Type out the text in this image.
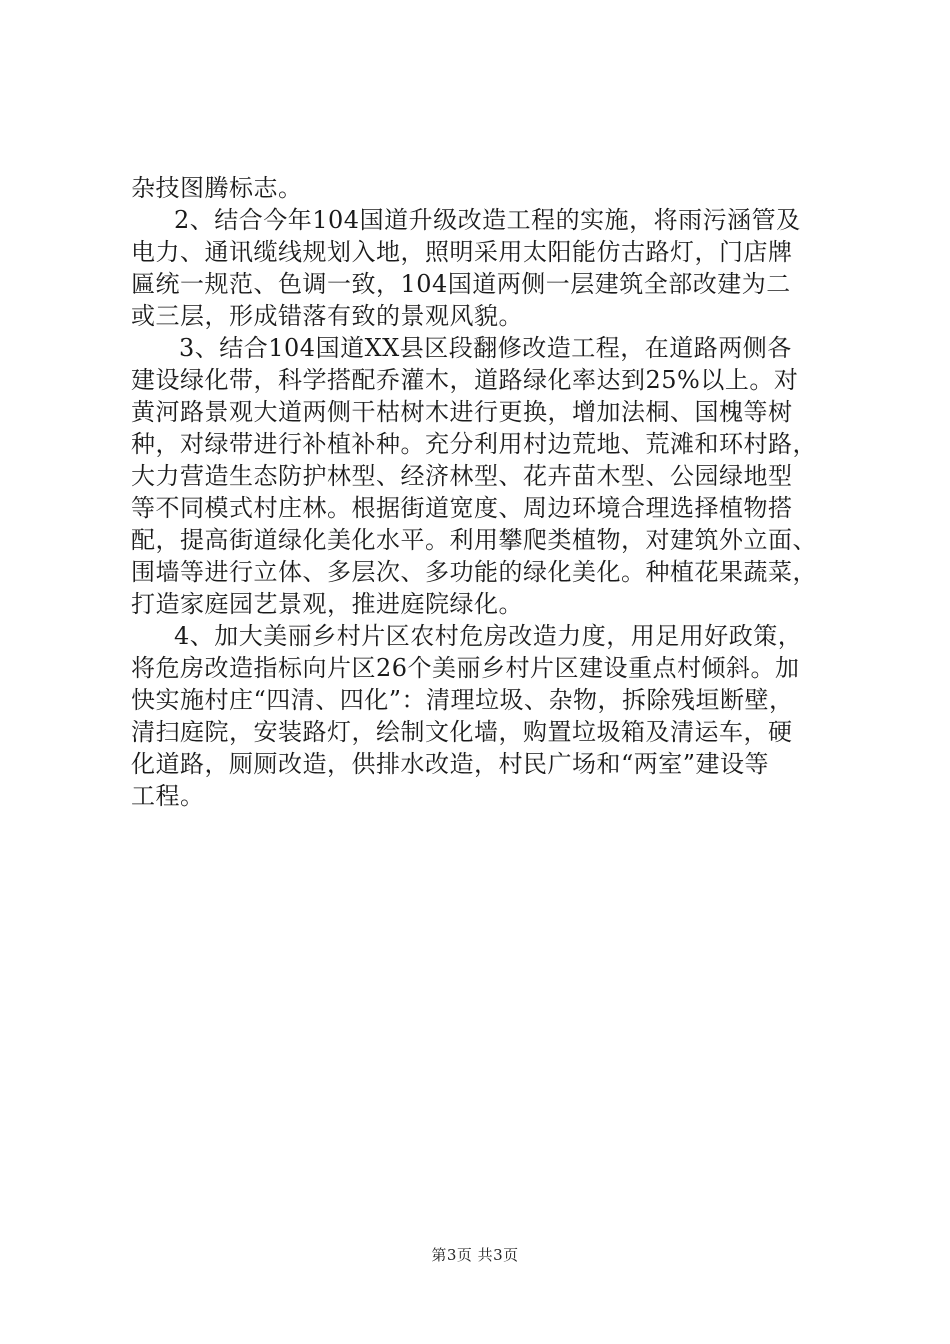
杂技图腾标志。
2、结合今年104国道升级改造工程的实施，将雨污涵管及
电力、通讯缆线规划入地，照明采用太阳能仿古路灯，门店牌
匾统一规范、色调一致，104国道两侧一层建筑全部改建为二
或三层，形成错落有致的景观风貌。
3、结合104国道XX县区段翻修改造工程，在道路两侧各
建设绿化带，科学搭配乔灌木，道路绿化率达到25%以上。对
黄河路景观大道两侧干枯树木进行更换，增加法桐、国槐等树
种，对绿带进行补植补种。充分利用村边荒地、荒滩和环村路，
大力营造生态防护林型、经济林型、花卉苗木型、公园绿地型
等不同模式村庄林。根据街道宽度、周边环境合理选择植物搭
配，提高街道绿化美化水平。利用攀爬类植物，对建筑外立面、
围墙等进行立体、多层次、多功能的绿化美化。种植花果蔬菜，
打造家庭园艺景观，推进庭院绿化。
4、加大美丽乡村片区农村危房改造力度，用足用好政策，
将危房改造指标向片区26个美丽乡村片区建设重点村倾斜。加
快实施村庄“四清、四化”：清理垃圾、杂物，拆除残垣断壁，
清扫庭院，安装路灯，绘制文化墙，购置垃圾箱及清运车，硬
化道路，厕厕改造，供排水改造，村民广场和“两室”建设等
工程。
第3页 共3页
